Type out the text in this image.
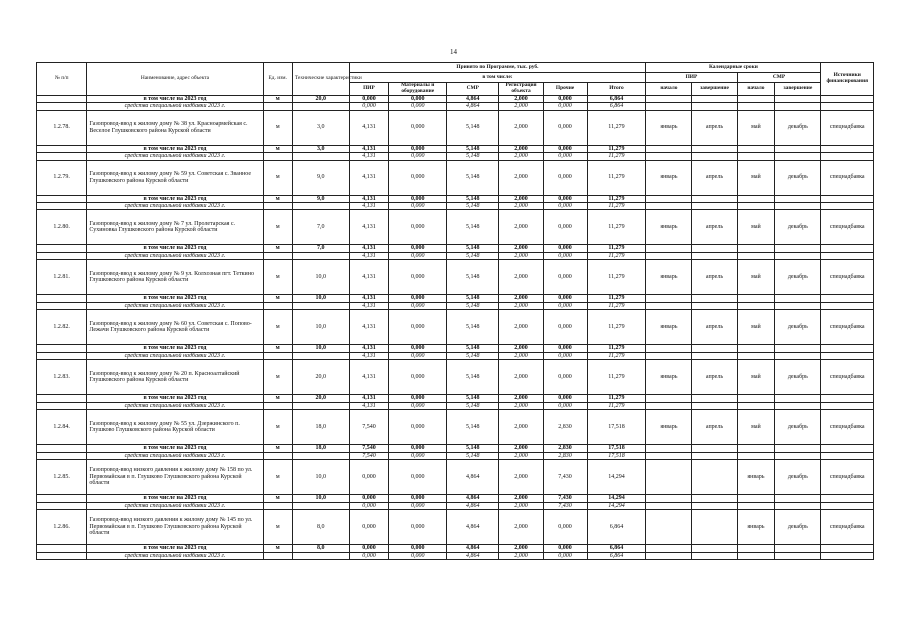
14
№ п/п	Наименование, адрес объекта	Ед. изм.	Технические характеристики	Принято по Программе, тыс. руб.						Календарные сроки				Источники финансирования
				в том числе:						ПИР		СМР		
				ПИР	Материалы и оборудование	СМР	Регистрация объекта	Прочие	Итого	начало	завершение	начало	завершение	
	в том числе на 2023 год	м	20,0	0,000	0,000	4,864	2,000	0,000	6,864					
	средства специальной надбавки 2023 г.			0,000	0,000	4,864	2,000	0,000	6,864					
1.2.78.	Газопровод-ввод к жилому дому № 38 ул. Красноармейская с. Веселое Глушковского района Курской области	м	3,0	4,131	0,000	5,148	2,000	0,000	11,279	январь	апрель	май	декабрь	спецнадбавка
	в том числе на 2023 год	м	3,0	4,131	0,000	5,148	2,000	0,000	11,279					
	средства специальной надбавки 2023 г.			4,131	0,000	5,148	2,000	0,000	11,279					
1.2.79.	Газопровод-ввод к жилому дому № 59 ул. Советская с. Званное Глушковского района Курской области	м	9,0	4,131	0,000	5,148	2,000	0,000	11,279	январь	апрель	май	декабрь	спецнадбавка
	в том числе на 2023 год	м	9,0	4,131	0,000	5,148	2,000	0,000	11,279					
	средства специальной надбавки 2023 г.			4,131	0,000	5,148	2,000	0,000	11,279					
1.2.80.	Газопровод-ввод к жилому дому № 7 ул. Пролетарская с. Сухиновка Глушковского района Курской области	м	7,0	4,131	0,000	5,148	2,000	0,000	11,279	январь	апрель	май	декабрь	спецнадбавка
	в том числе на 2023 год	м	7,0	4,131	0,000	5,148	2,000	0,000	11,279					
	средства специальной надбавки 2023 г.			4,131	0,000	5,148	2,000	0,000	11,279					
1.2.81.	Газопровод-ввод к жилому дому № 9 ул. Колхозная пгт. Теткино Глушковского района Курской области	м	10,0	4,131	0,000	5,148	2,000	0,000	11,279	январь	апрель	май	декабрь	спецнадбавка
	в том числе на 2023 год	м	10,0	4,131	0,000	5,148	2,000	0,000	11,279					
	средства специальной надбавки 2023 г.			4,131	0,000	5,148	2,000	0,000	11,279					
1.2.82.	Газопровод-ввод к жилому дому № 60 ул. Советская с. Попово-Лежачи Глушковского района Курской области	м	10,0	4,131	0,000	5,148	2,000	0,000	11,279	январь	апрель	май	декабрь	спецнадбавка
	в том числе на 2023 год	м	10,0	4,131	0,000	5,148	2,000	0,000	11,279					
	средства специальной надбавки 2023 г.			4,131	0,000	5,148	2,000	0,000	11,279					
1.2.83.	Газопровод-ввод к жилому дому № 20 п. Красноалтайский Глушковского района Курской области	м	20,0	4,131	0,000	5,148	2,000	0,000	11,279	январь	апрель	май	декабрь	спецнадбавка
	в том числе на 2023 год	м	20,0	4,131	0,000	5,148	2,000	0,000	11,279					
	средства специальной надбавки 2023 г.			4,131	0,000	5,148	2,000	0,000	11,279					
1.2.84.	Газопровод-ввод к жилому дому № 55 ул. Дзержинского п. Глушково Глушковского района Курской области	м	18,0	7,540	0,000	5,148	2,000	2,830	17,518	январь	апрель	май	декабрь	спецнадбавка
	в том числе на 2023 год	м	18,0	7,540	0,000	5,148	2,000	2,830	17,518					
	средства специальной надбавки 2023 г.			7,540	0,000	5,148	2,000	2,830	17,518					
1.2.85.	Газопровод-ввод низкого давления к жилому дому № 158 по ул. Первомайская в п. Глушково Глушковского района Курской области	м	10,0	0,000	0,000	4,864	2,000	7,430	14,294			январь	декабрь	спецнадбавка
	в том числе на 2023 год	м	10,0	0,000	0,000	4,864	2,000	7,430	14,294					
	средства специальной надбавки 2023 г.			0,000	0,000	4,864	2,000	7,430	14,294					
1.2.86.	Газопровод-ввод низкого давления к жилому дому № 145 по ул. Первомайская в п. Глушково Глушковского района Курской области	м	8,0	0,000	0,000	4,864	2,000	0,000	6,864			январь	декабрь	спецнадбавка
	в том числе на 2023 год	м	8,0	0,000	0,000	4,864	2,000	0,000	6,864					
	средства специальной надбавки 2023 г.			0,000	0,000	4,864	2,000	0,000	6,864					
